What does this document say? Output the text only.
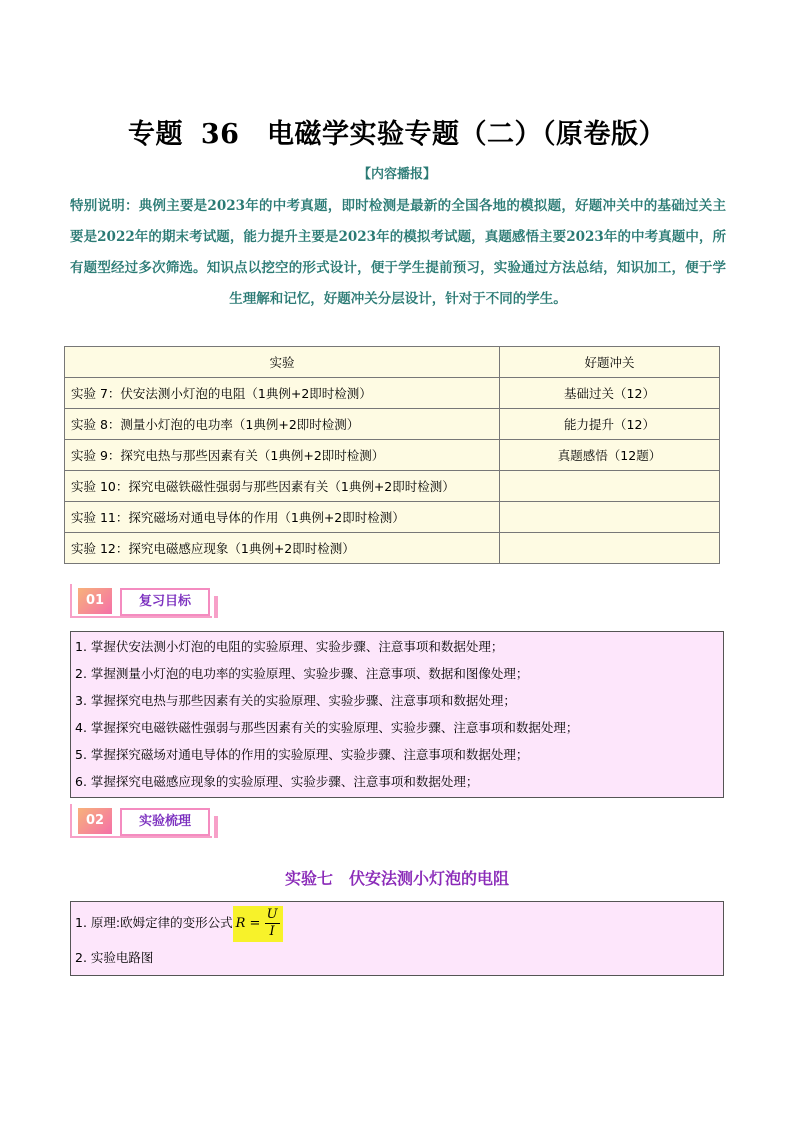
专题 36　电磁学实验专题（二）（原卷版）
【内容播报】
特别说明：典例主要是2023年的中考真题，即时检测是最新的全国各地的模拟题，好题冲关中的基础过关主要是2022年的期末考试题，能力提升主要是2023年的模拟考试题，真题感悟主要2023年的中考真题中，所有题型经过多次筛选。知识点以挖空的形式设计，便于学生提前预习，实验通过方法总结，知识加工，便于学生理解和记忆，好题冲关分层设计，针对于不同的学生。
实验	好题冲关
实验 7：伏安法测小灯泡的电阻（1典例+2即时检测）	基础过关（12）
实验 8：测量小灯泡的电功率（1典例+2即时检测）	能力提升（12）
实验 9：探究电热与那些因素有关（1典例+2即时检测）	真题感悟（12题）
实验 10：探究电磁铁磁性强弱与那些因素有关（1典例+2即时检测）	
实验 11：探究磁场对通电导体的作用（1典例+2即时检测）	
实验 12：探究电磁感应现象（1典例+2即时检测）	
01	复习目标
1. 掌握伏安法测小灯泡的电阻的实验原理、实验步骤、注意事项和数据处理；
2. 掌握测量小灯泡的电功率的实验原理、实验步骤、注意事项、数据和图像处理；
3. 掌握探究电热与那些因素有关的实验原理、实验步骤、注意事项和数据处理；
4. 掌握探究电磁铁磁性强弱与那些因素有关的实验原理、实验步骤、注意事项和数据处理；
5. 掌握探究磁场对通电导体的作用的实验原理、实验步骤、注意事项和数据处理；
6. 掌握探究电磁感应现象的实验原理、实验步骤、注意事项和数据处理；
02	实验梳理
实验七　伏安法测小灯泡的电阻
1. 原理:欧姆定律的变形公式 $R = \frac{U}{I}$
2. 实验电路图
